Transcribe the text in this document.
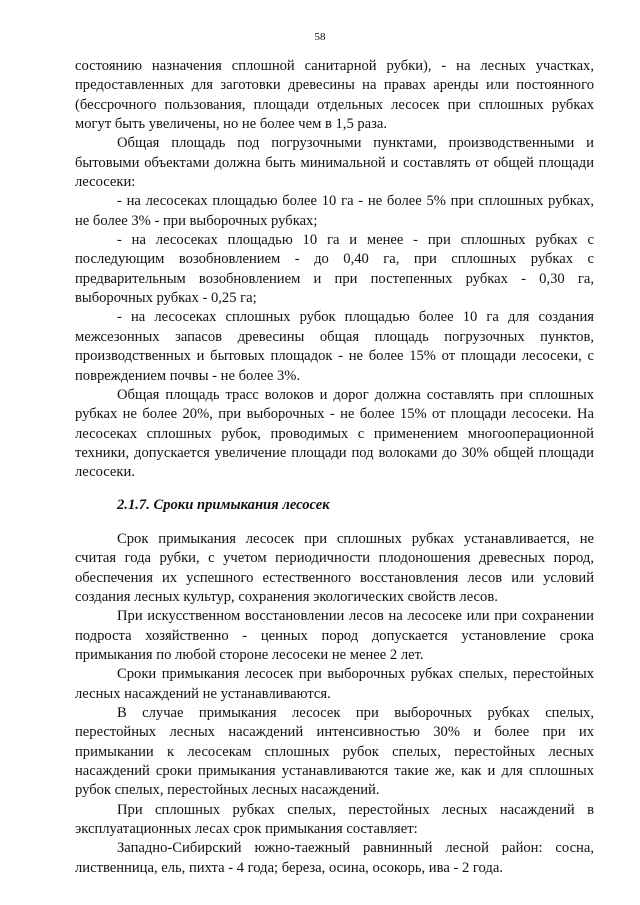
58

состоянию назначения сплошной санитарной рубки), - на лесных участках, предоставленных для заготовки древесины на правах аренды или постоянного (бессрочного пользования, площади отдельных лесосек при сплошных рубках могут быть увеличены, но не более чем в 1,5 раза.

Общая площадь под погрузочными пунктами, производственными и бытовыми объектами должна быть минимальной и составлять от общей площади лесосеки:

- на лесосеках площадью более 10 га - не более 5% при сплошных рубках, не более 3% - при выборочных рубках;

- на лесосеках площадью 10 га и менее - при сплошных рубках с последующим возобновлением - до 0,40 га, при сплошных рубках с предварительным возобновлением и при постепенных рубках - 0,30 га, выборочных рубках - 0,25 га;

- на лесосеках сплошных рубок площадью более 10 га для создания межсезонных запасов древесины общая площадь погрузочных пунктов, производственных и бытовых площадок - не более 15% от площади лесосеки, с повреждением почвы - не более 3%.

Общая площадь трасс волоков и дорог должна составлять при сплошных рубках не более 20%, при выборочных - не более 15% от площади лесосеки. На лесосеках сплошных рубок, проводимых с применением многооперационной техники, допускается увеличение площади под волоками до 30% общей площади лесосеки.

2.1.7. Сроки примыкания лесосек

Срок примыкания лесосек при сплошных рубках устанавливается, не считая года рубки, с учетом периодичности плодоношения древесных пород, обеспечения их успешного естественного восстановления лесов или условий создания лесных культур, сохранения экологических свойств лесов.

При искусственном восстановлении лесов на лесосеке или при сохранении подроста хозяйственно - ценных пород допускается установление срока примыкания по любой стороне лесосеки не менее 2 лет.

Сроки примыкания лесосек при выборочных рубках спелых, перестойных лесных насаждений не устанавливаются.

В случае примыкания лесосек при выборочных рубках спелых, перестойных лесных насаждений интенсивностью 30% и более при их примыкании к лесосекам сплошных рубок спелых, перестойных лесных насаждений сроки примыкания устанавливаются такие же, как и для сплошных рубок спелых, перестойных лесных насаждений.

При сплошных рубках спелых, перестойных лесных насаждений в эксплуатационных лесах срок примыкания составляет:

Западно-Сибирский южно-таежный равнинный лесной район: сосна, лиственница, ель, пихта - 4 года; береза, осина, осокорь, ива - 2 года.
